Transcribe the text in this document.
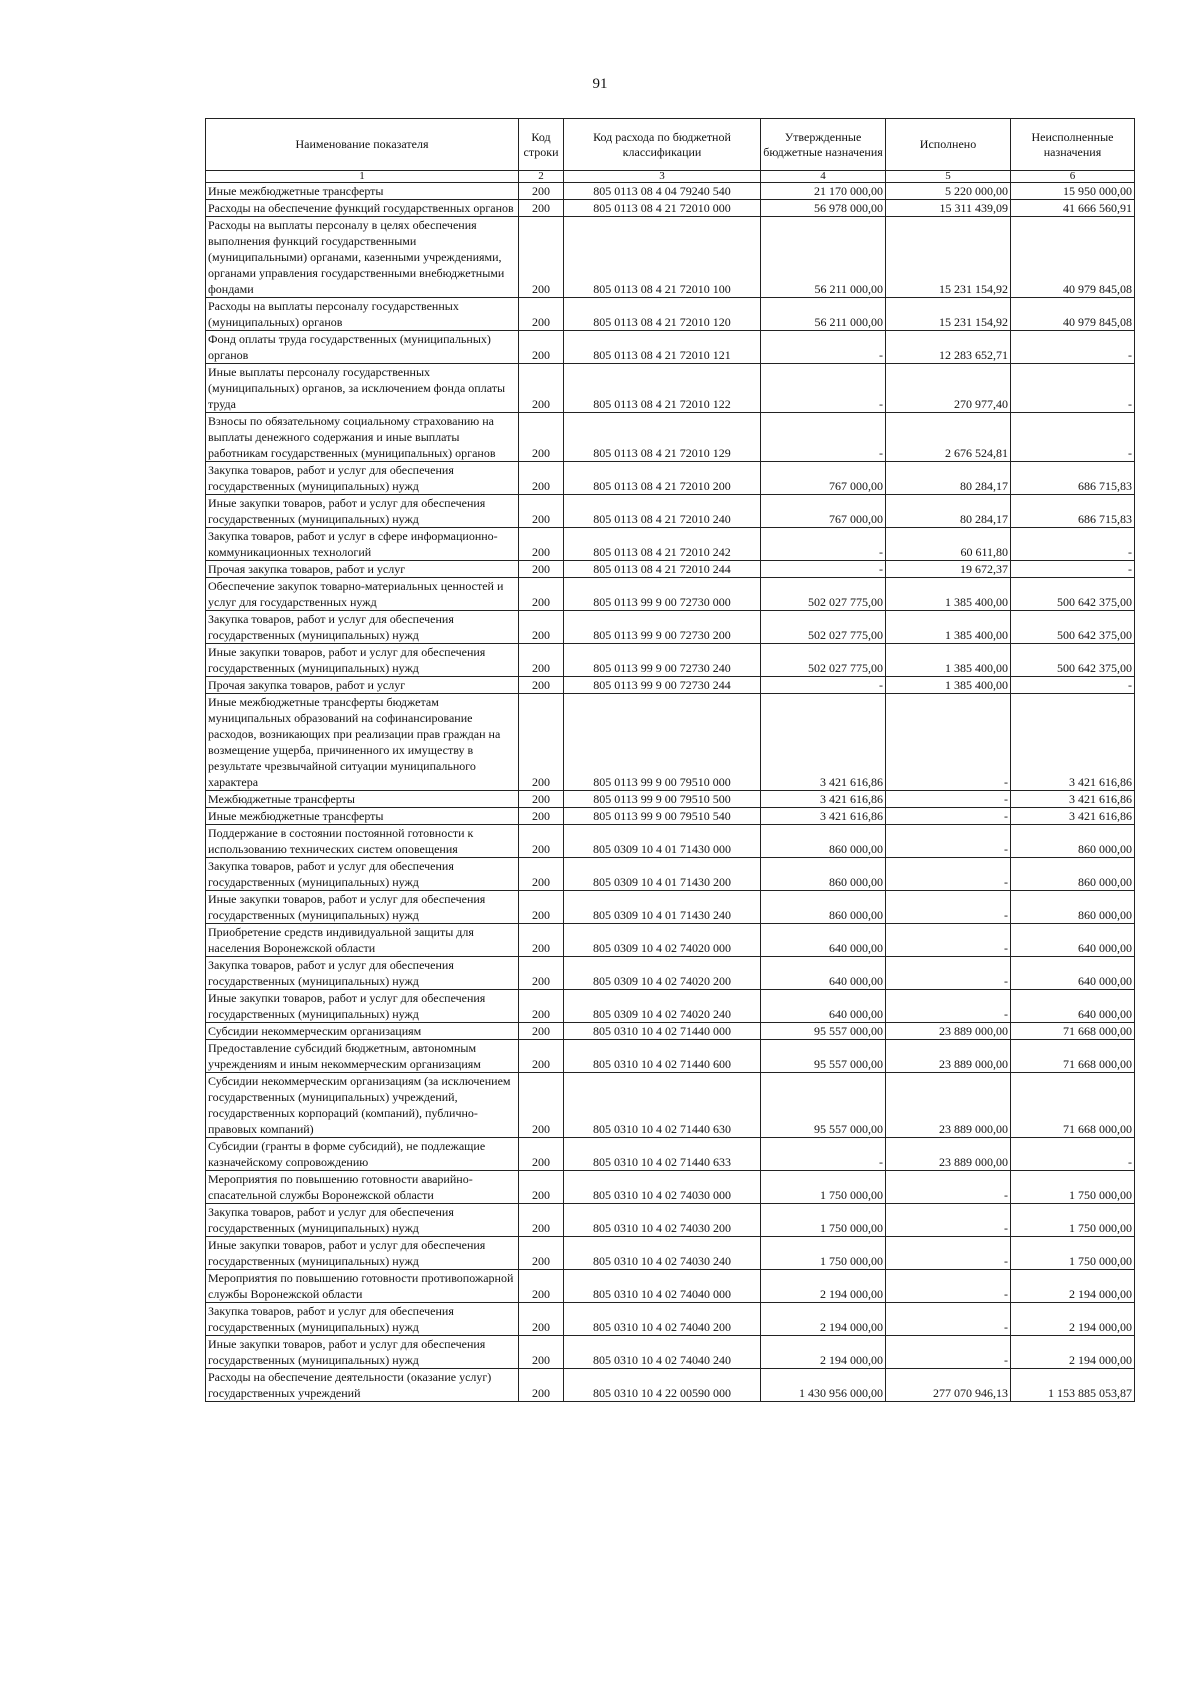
91
Наименование показателя	Код строки	Код расхода по бюджетной классификации	Утвержденные бюджетные назначения	Исполнено	Неисполненные назначения
1	2	3	4	5	6
Иные межбюджетные трансферты	200	805 0113 08 4 04 79240 540	21 170 000,00	5 220 000,00	15 950 000,00
Расходы на обеспечение функций государственных органов	200	805 0113 08 4 21 72010 000	56 978 000,00	15 311 439,09	41 666 560,91
Расходы на выплаты персоналу в целях обеспечения выполнения функций государственными (муниципальными) органами, казенными учреждениями, органами управления государственными внебюджетными фондами	200	805 0113 08 4 21 72010 100	56 211 000,00	15 231 154,92	40 979 845,08
Расходы на выплаты персоналу государственных (муниципальных) органов	200	805 0113 08 4 21 72010 120	56 211 000,00	15 231 154,92	40 979 845,08
Фонд оплаты труда государственных (муниципальных) органов	200	805 0113 08 4 21 72010 121	-	12 283 652,71	-
Иные выплаты персоналу государственных (муниципальных) органов, за исключением фонда оплаты труда	200	805 0113 08 4 21 72010 122	-	270 977,40	-
Взносы по обязательному социальному страхованию на выплаты денежного содержания и иные выплаты работникам государственных (муниципальных) органов	200	805 0113 08 4 21 72010 129	-	2 676 524,81	-
Закупка товаров, работ и услуг для обеспечения государственных (муниципальных) нужд	200	805 0113 08 4 21 72010 200	767 000,00	80 284,17	686 715,83
Иные закупки товаров, работ и услуг для обеспечения государственных (муниципальных) нужд	200	805 0113 08 4 21 72010 240	767 000,00	80 284,17	686 715,83
Закупка товаров, работ и услуг в сфере информационно-коммуникационных технологий	200	805 0113 08 4 21 72010 242	-	60 611,80	-
Прочая закупка товаров, работ и услуг	200	805 0113 08 4 21 72010 244	-	19 672,37	-
Обеспечение закупок товарно-материальных ценностей и услуг для государственных нужд	200	805 0113 99 9 00 72730 000	502 027 775,00	1 385 400,00	500 642 375,00
Закупка товаров, работ и услуг для обеспечения государственных (муниципальных) нужд	200	805 0113 99 9 00 72730 200	502 027 775,00	1 385 400,00	500 642 375,00
Иные закупки товаров, работ и услуг для обеспечения государственных (муниципальных) нужд	200	805 0113 99 9 00 72730 240	502 027 775,00	1 385 400,00	500 642 375,00
Прочая закупка товаров, работ и услуг	200	805 0113 99 9 00 72730 244	-	1 385 400,00	-
Иные межбюджетные трансферты бюджетам муниципальных образований на софинансирование расходов, возникающих при реализации прав граждан на возмещение ущерба, причиненного их имуществу в результате чрезвычайной ситуации муниципального характера	200	805 0113 99 9 00 79510 000	3 421 616,86	-	3 421 616,86
Межбюджетные трансферты	200	805 0113 99 9 00 79510 500	3 421 616,86	-	3 421 616,86
Иные межбюджетные трансферты	200	805 0113 99 9 00 79510 540	3 421 616,86	-	3 421 616,86
Поддержание в состоянии постоянной готовности к использованию технических систем оповещения	200	805 0309 10 4 01 71430 000	860 000,00	-	860 000,00
Закупка товаров, работ и услуг для обеспечения государственных (муниципальных) нужд	200	805 0309 10 4 01 71430 200	860 000,00	-	860 000,00
Иные закупки товаров, работ и услуг для обеспечения государственных (муниципальных) нужд	200	805 0309 10 4 01 71430 240	860 000,00	-	860 000,00
Приобретение средств индивидуальной защиты для населения Воронежской области	200	805 0309 10 4 02 74020 000	640 000,00	-	640 000,00
Закупка товаров, работ и услуг для обеспечения государственных (муниципальных) нужд	200	805 0309 10 4 02 74020 200	640 000,00	-	640 000,00
Иные закупки товаров, работ и услуг для обеспечения государственных (муниципальных) нужд	200	805 0309 10 4 02 74020 240	640 000,00	-	640 000,00
Субсидии некоммерческим организациям	200	805 0310 10 4 02 71440 000	95 557 000,00	23 889 000,00	71 668 000,00
Предоставление субсидий бюджетным, автономным учреждениям и иным некоммерческим организациям	200	805 0310 10 4 02 71440 600	95 557 000,00	23 889 000,00	71 668 000,00
Субсидии некоммерческим организациям (за исключением государственных (муниципальных) учреждений, государственных корпораций (компаний), публично-правовых компаний)	200	805 0310 10 4 02 71440 630	95 557 000,00	23 889 000,00	71 668 000,00
Субсидии (гранты в форме субсидий), не подлежащие казначейскому сопровождению	200	805 0310 10 4 02 71440 633	-	23 889 000,00	-
Мероприятия по повышению готовности аварийно-спасательной службы Воронежской области	200	805 0310 10 4 02 74030 000	1 750 000,00	-	1 750 000,00
Закупка товаров, работ и услуг для обеспечения государственных (муниципальных) нужд	200	805 0310 10 4 02 74030 200	1 750 000,00	-	1 750 000,00
Иные закупки товаров, работ и услуг для обеспечения государственных (муниципальных) нужд	200	805 0310 10 4 02 74030 240	1 750 000,00	-	1 750 000,00
Мероприятия по повышению готовности противопожарной службы Воронежской области	200	805 0310 10 4 02 74040 000	2 194 000,00	-	2 194 000,00
Закупка товаров, работ и услуг для обеспечения государственных (муниципальных) нужд	200	805 0310 10 4 02 74040 200	2 194 000,00	-	2 194 000,00
Иные закупки товаров, работ и услуг для обеспечения государственных (муниципальных) нужд	200	805 0310 10 4 02 74040 240	2 194 000,00	-	2 194 000,00
Расходы на обеспечение деятельности (оказание услуг) государственных учреждений	200	805 0310 10 4 22 00590 000	1 430 956 000,00	277 070 946,13	1 153 885 053,87
